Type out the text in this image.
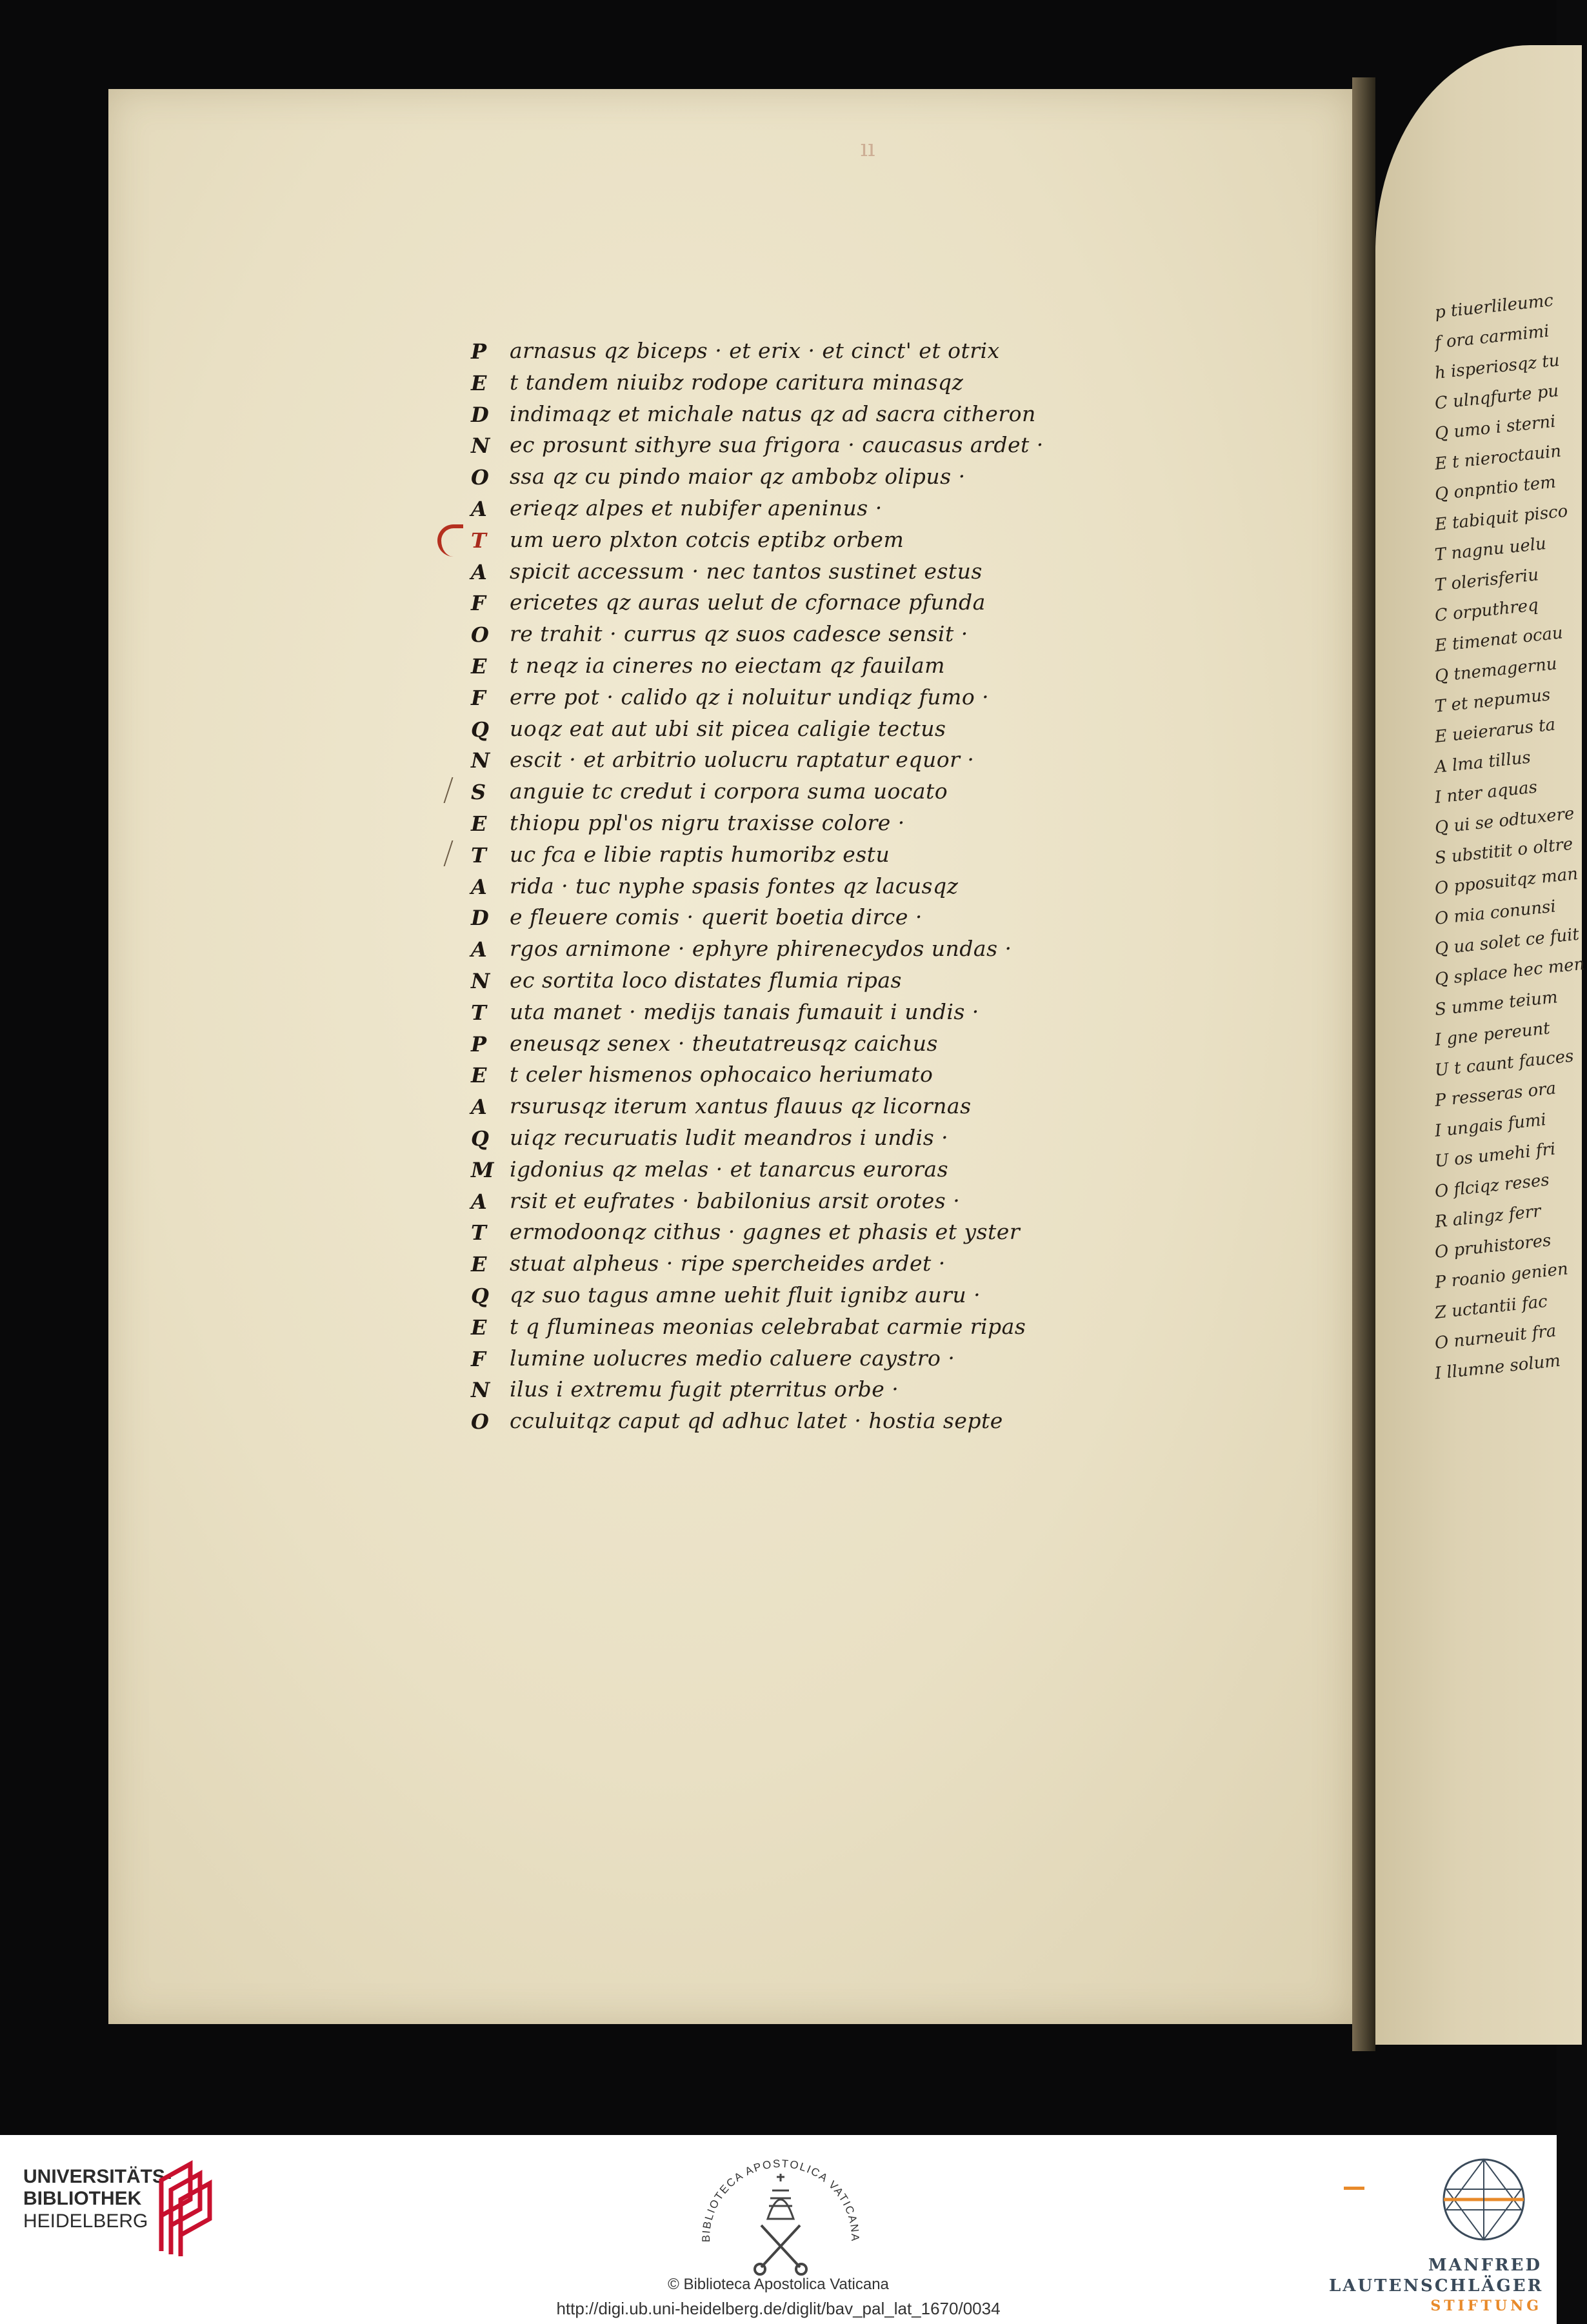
ıı
P	arnasus qz biceps · et erix · et cinct' et otrix
E	t tandem niuibz rodope caritura minasqz
D indimaqz et michale natus qz ad sacra citheron
N ec prosunt sithyre sua frigora · caucasus ardet ·
O ssa qz cu pindo maior qz ambobz olipus ·
A	erieqz alpes et nubifer apeninus ·
T	um uero plxton cotcis eptibz orbem
A	spicit accessum · nec tantos sustinet estus
F	ericetes qz auras uelut de cfornace pfunda
O re trahit · currus qz suos cadesce sensit ·
E	t neqz ia cineres no eiectam qz fauilam
F	erre pot · calido qz i noluitur undiqz fumo ·
Q uoqz eat aut ubi sit picea caligie tectus
N escit · et arbitrio uolucru raptatur equor ·
S	anguie tc credut i corpora suma uocato
E	thiopu ppl'os nigru traxisse colore ·
T	uc fca e libie raptis humoribz estu
A	rida · tuc nyphe spasis fontes qz lacusqz
D e fleuere comis · querit boetia dirce ·
A	rgos arnimone · ephyre phirenecydos undas ·
N ec sortita loco distates flumia ripas
T	uta manet · medijs tanais fumauit i undis ·
P	eneusqz senex · theutatreusqz caichus
E	t celer hismenos ophocaico heriumato
A	rsurusqz iterum xantus flauus qz licornas
Q uiqz recuruatis ludit meandros i undis ·
M igdonius qz melas · et tanarcus euroras
A	rsit et eufrates · babilonius arsit orotes ·
T	ermodoonqz cithus · gagnes et phasis et yster
E	stuat alpheus · ripe spercheides ardet ·
Q qz suo tagus amne uehit fluit ignibz auru ·
E	t q flumineas meonias celebrabat carmie ripas
F	lumine uolucres medio caluere caystro ·
N ilus i extremu fugit pterritus orbe ·
O cculuitqz caput qd adhuc latet · hostia septe
p tiuerlileumc
f ora carmimi
h isperiosqz tu
C ulnqfurte pu
Q umo i sterni
E t nieroctauin
Q onpntio tem
E tabiquit pisco
T nagnu uelu
T olerisferiu
C orputhreq
E timenat ocau
Q tnemagernu
T et nepumus
E ueierarus ta
A lma tillus
I nter aquas
Q ui se odtuxere
S ubstitit o oltre
O pposuitqz man
O mia conunsi
Q ua solet ce fuit
Q splace hec men
S umme teium
I gne pereunt
U t caunt fauces
P resseras ora
I ungais fumi
U os umehi fri
O flciqz reses
R alingz ferr
O pruhistores
P roanio genien
Z uctantii fac
O nurneuit fra
I llumne solum
UNIVERSITÄTS-
BIBLIOTHEK
HEIDELBERG
BIBLIOTECA APOSTOLICA VATICANA
© Biblioteca Apostolica Vaticana
http://digi.ub.uni-heidelberg.de/diglit/bav_pal_lat_1670/0034
MANFRED
LAUTENSCHLÄGER
STIFTUNG
